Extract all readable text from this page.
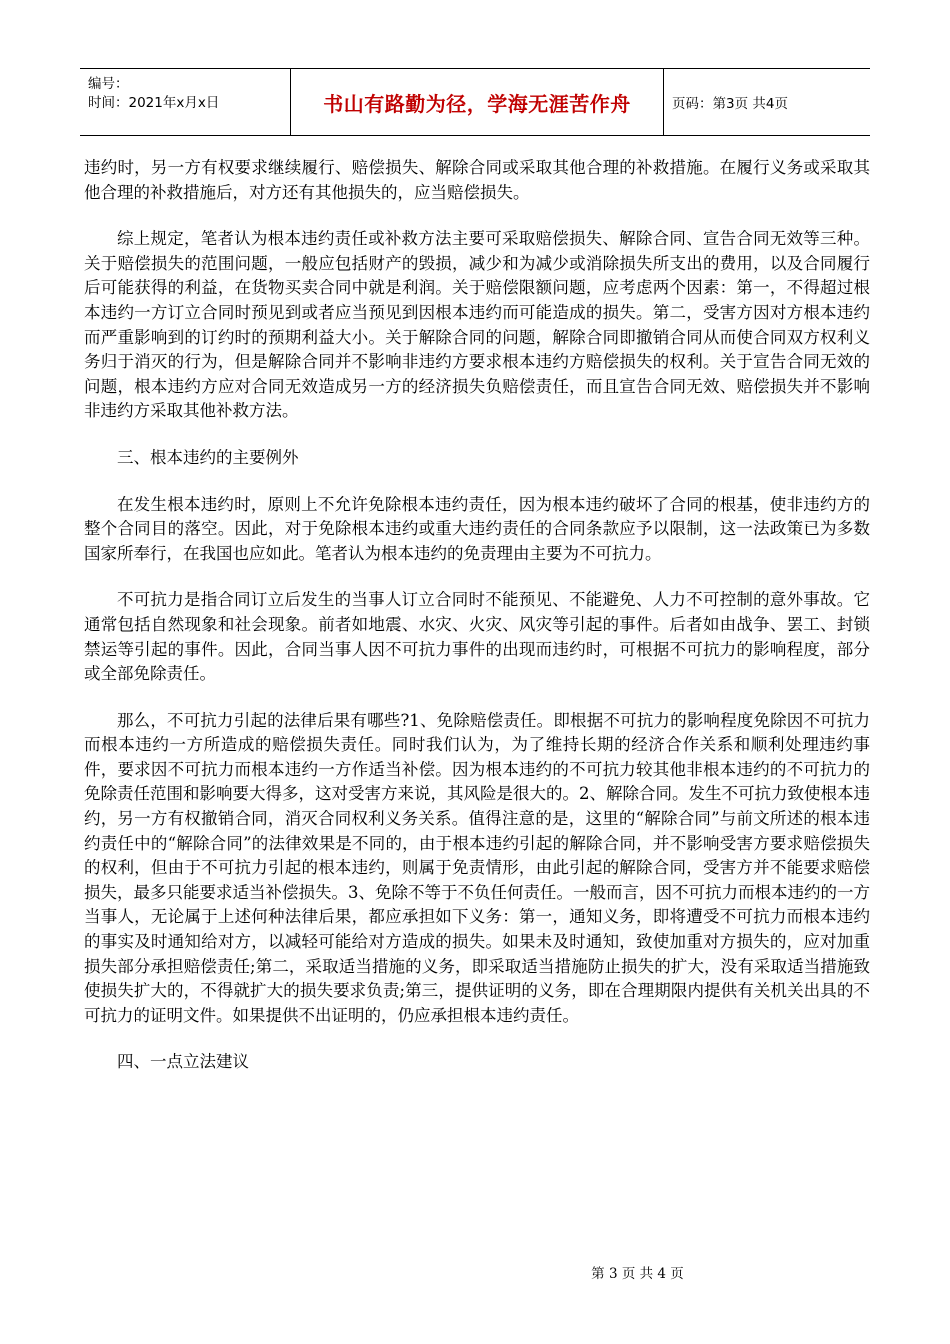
编号：
时间：2021年x月x日	书山有路勤为径，学海无涯苦作舟	页码：第3页 共4页

违约时，另一方有权要求继续履行、赔偿损失、解除合同或采取其他合理的补救措施。在履行义务或采取其他合理的补救措施后，对方还有其他损失的，应当赔偿损失。

综上规定，笔者认为根本违约责任或补救方法主要可采取赔偿损失、解除合同、宣告合同无效等三种。关于赔偿损失的范围问题，一般应包括财产的毁损，减少和为减少或消除损失所支出的费用，以及合同履行后可能获得的利益，在货物买卖合同中就是利润。关于赔偿限额问题，应考虑两个因素：第一，不得超过根本违约一方订立合同时预见到或者应当预见到因根本违约而可能造成的损失。第二，受害方因对方根本违约而严重影响到的订约时的预期利益大小。关于解除合同的问题，解除合同即撤销合同从而使合同双方权利义务归于消灭的行为，但是解除合同并不影响非违约方要求根本违约方赔偿损失的权利。关于宣告合同无效的问题，根本违约方应对合同无效造成另一方的经济损失负赔偿责任，而且宣告合同无效、赔偿损失并不影响非违约方采取其他补救方法。

三、根本违约的主要例外

在发生根本违约时，原则上不允许免除根本违约责任，因为根本违约破坏了合同的根基，使非违约方的整个合同目的落空。因此，对于免除根本违约或重大违约责任的合同条款应予以限制，这一法政策已为多数国家所奉行，在我国也应如此。笔者认为根本违约的免责理由主要为不可抗力。

不可抗力是指合同订立后发生的当事人订立合同时不能预见、不能避免、人力不可控制的意外事故。它通常包括自然现象和社会现象。前者如地震、水灾、火灾、风灾等引起的事件。后者如由战争、罢工、封锁禁运等引起的事件。因此，合同当事人因不可抗力事件的出现而违约时，可根据不可抗力的影响程度，部分或全部免除责任。

那么，不可抗力引起的法律后果有哪些?1、免除赔偿责任。即根据不可抗力的影响程度免除因不可抗力而根本违约一方所造成的赔偿损失责任。同时我们认为，为了维持长期的经济合作关系和顺利处理违约事件，要求因不可抗力而根本违约一方作适当补偿。因为根本违约的不可抗力较其他非根本违约的不可抗力的免除责任范围和影响要大得多，这对受害方来说，其风险是很大的。2、解除合同。发生不可抗力致使根本违约，另一方有权撤销合同，消灭合同权利义务关系。值得注意的是，这里的“解除合同”与前文所述的根本违约责任中的“解除合同”的法律效果是不同的，由于根本违约引起的解除合同，并不影响受害方要求赔偿损失的权利，但由于不可抗力引起的根本违约，则属于免责情形，由此引起的解除合同，受害方并不能要求赔偿损失，最多只能要求适当补偿损失。3、免除不等于不负任何责任。一般而言，因不可抗力而根本违约的一方当事人，无论属于上述何种法律后果，都应承担如下义务：第一，通知义务，即将遭受不可抗力而根本违约的事实及时通知给对方，以减轻可能给对方造成的损失。如果未及时通知，致使加重对方损失的，应对加重损失部分承担赔偿责任;第二，采取适当措施的义务，即采取适当措施防止损失的扩大，没有采取适当措施致使损失扩大的，不得就扩大的损失要求负责;第三，提供证明的义务，即在合理期限内提供有关机关出具的不可抗力的证明文件。如果提供不出证明的，仍应承担根本违约责任。

四、一点立法建议

第 3 页 共 4 页
